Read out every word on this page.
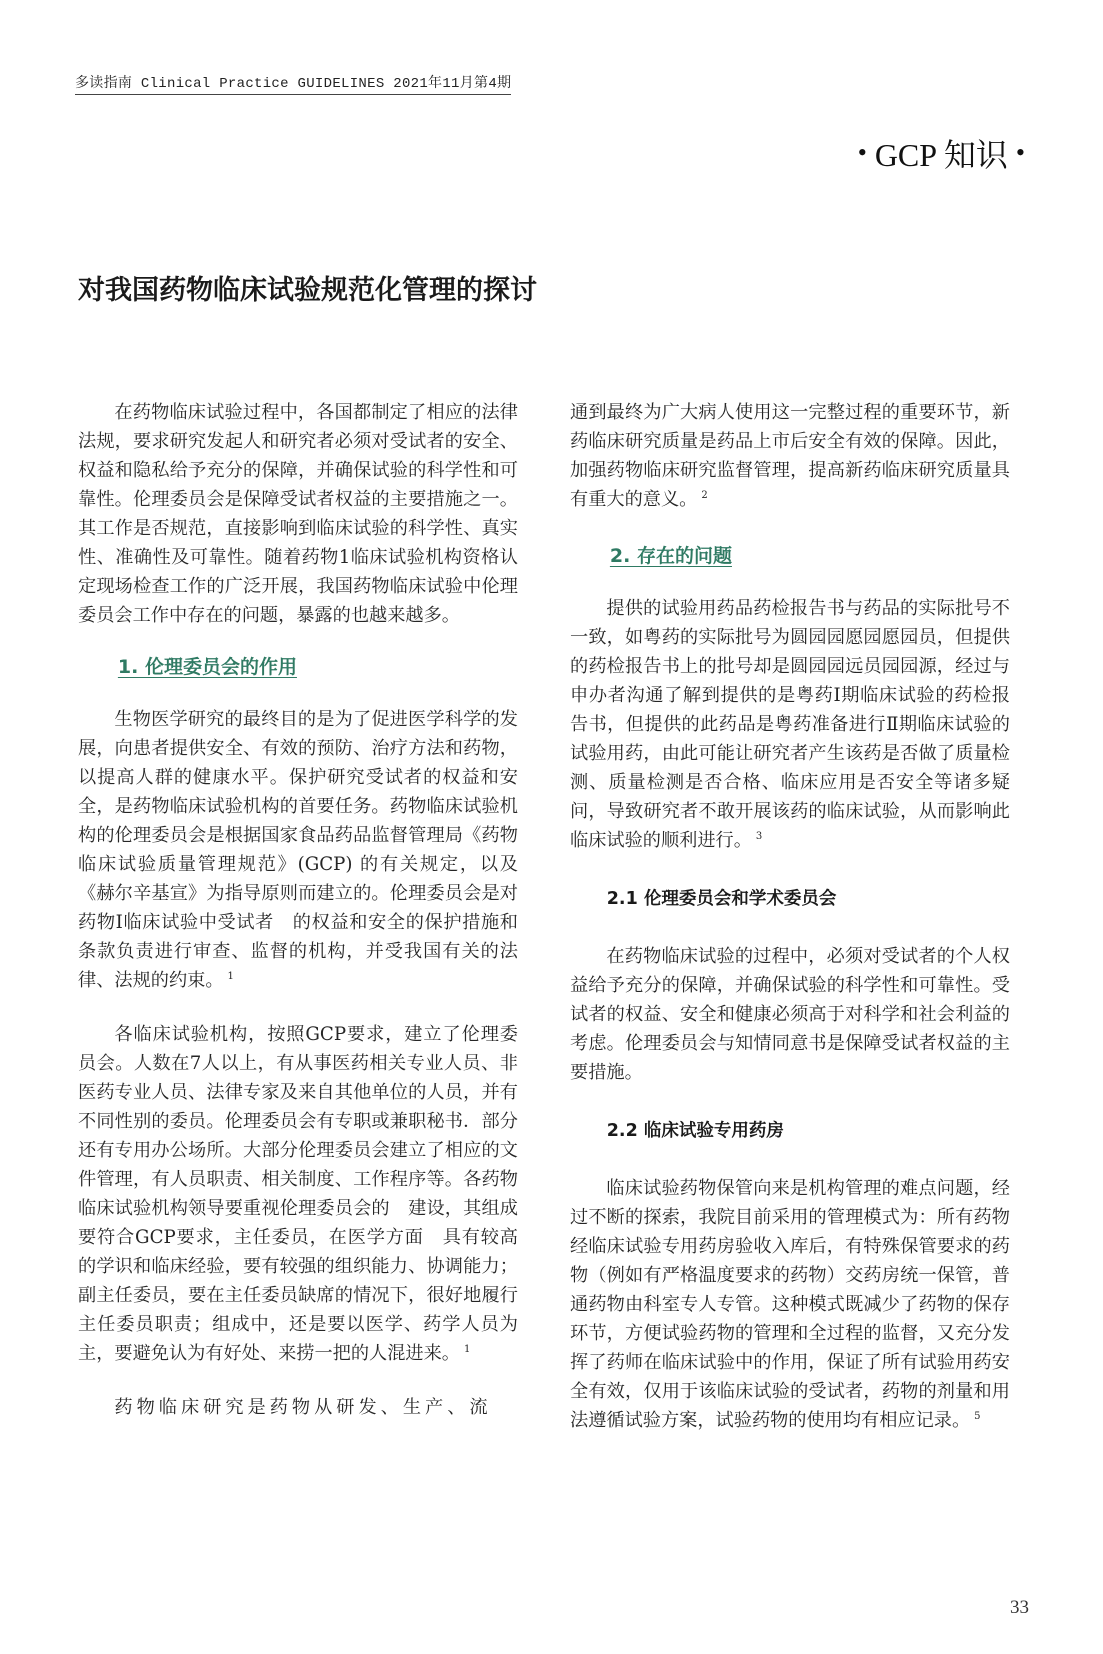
多读指南 Clinical Practice GUIDELINES 2021年11月第4期
• GCP 知识 •
对我国药物临床试验规范化管理的探讨

在药物临床试验过程中，各国都制定了相应的法律法规，要求研究发起人和研究者必须对受试者的安全、权益和隐私给予充分的保障，并确保试验的科学性和可靠性。伦理委员会是保障受试者权益的主要措施之一。其工作是否规范，直接影响到临床试验的科学性、真实性、准确性及可靠性。随着药物1临床试验机构资格认定现场检查工作的广泛开展，我国药物临床试验中伦理委员会工作中存在的问题，暴露的也越来越多。

1. 伦理委员会的作用

生物医学研究的最终目的是为了促进医学科学的发展，向患者提供安全、有效的预防、治疗方法和药物，以提高人群的健康水平。保护研究受试者的权益和安全，是药物临床试验机构的首要任务。药物临床试验机构的伦理委员会是根据国家食品药品监督管理局《药物临床试验质量管理规范》(GCP) 的有关规定，以及《赫尔辛基宣》为指导原则而建立的。伦理委员会是对药物Ⅰ临床试验中受试者　的权益和安全的保护措施和条款负责进行审查、监督的机构，并受我国有关的法律、法规的约束。 $^1$

各临床试验机构，按照GCP要求，建立了伦理委员会。人数在7人以上，有从事医药相关专业人员、非医药专业人员、法律专家及来自其他单位的人员，并有不同性别的委员。伦理委员会有专职或兼职秘书．部分还有专用办公场所。大部分伦理委员会建立了相应的文件管理，有人员职责、相关制度、工作程序等。各药物临床试验机构领导要重视伦理委员会的　建设，其组成要符合GCP要求，主任委员，在医学方面　具有较高的学识和临床经验，要有较强的组织能力、协调能力；副主任委员，要在主任委员缺席的情况下，很好地履行主任委员职责；组成中，还是要以医学、药学人员为主，要避免认为有好处、来捞一把的人混进来。 $^1$

药物临床研究是药物从研发、生产、流

通到最终为广大病人使用这一完整过程的重要环节，新药临床研究质量是药品上市后安全有效的保障。因此，加强药物临床研究监督管理，提高新药临床研究质量具有重大的意义。 $^2$

2. 存在的问题

提供的试验用药品药检报告书与药品的实际批号不一致，如粤药的实际批号为圆园园愿园愿园员，但提供的药检报告书上的批号却是圆园园远员园园源，经过与申办者沟通了解到提供的是粤药Ⅰ期临床试验的药检报告书，但提供的此药品是粤药准备进行Ⅱ期临床试验的试验用药，由此可能让研究者产生该药是否做了质量检测、质量检测是否合格、临床应用是否安全等诸多疑问，导致研究者不敢开展该药的临床试验，从而影响此临床试验的顺利进行。 $^3$

2.1 伦理委员会和学术委员会

在药物临床试验的过程中，必须对受试者的个人权益给予充分的保障，并确保试验的科学性和可靠性。受试者的权益、安全和健康必须高于对科学和社会利益的考虑。伦理委员会与知情同意书是保障受试者权益的主要措施。

2.2 临床试验专用药房

临床试验药物保管向来是机构管理的难点问题，经过不断的探索，我院目前采用的管理模式为：所有药物经临床试验专用药房验收入库后，有特殊保管要求的药物（例如有严格温度要求的药物）交药房统一保管，普通药物由科室专人专管。这种模式既减少了药物的保存环节，方便试验药物的管理和全过程的监督，又充分发挥了药师在临床试验中的作用，保证了所有试验用药安全有效，仅用于该临床试验的受试者，药物的剂量和用法遵循试验方案，试验药物的使用均有相应记录。 $^5$

33
